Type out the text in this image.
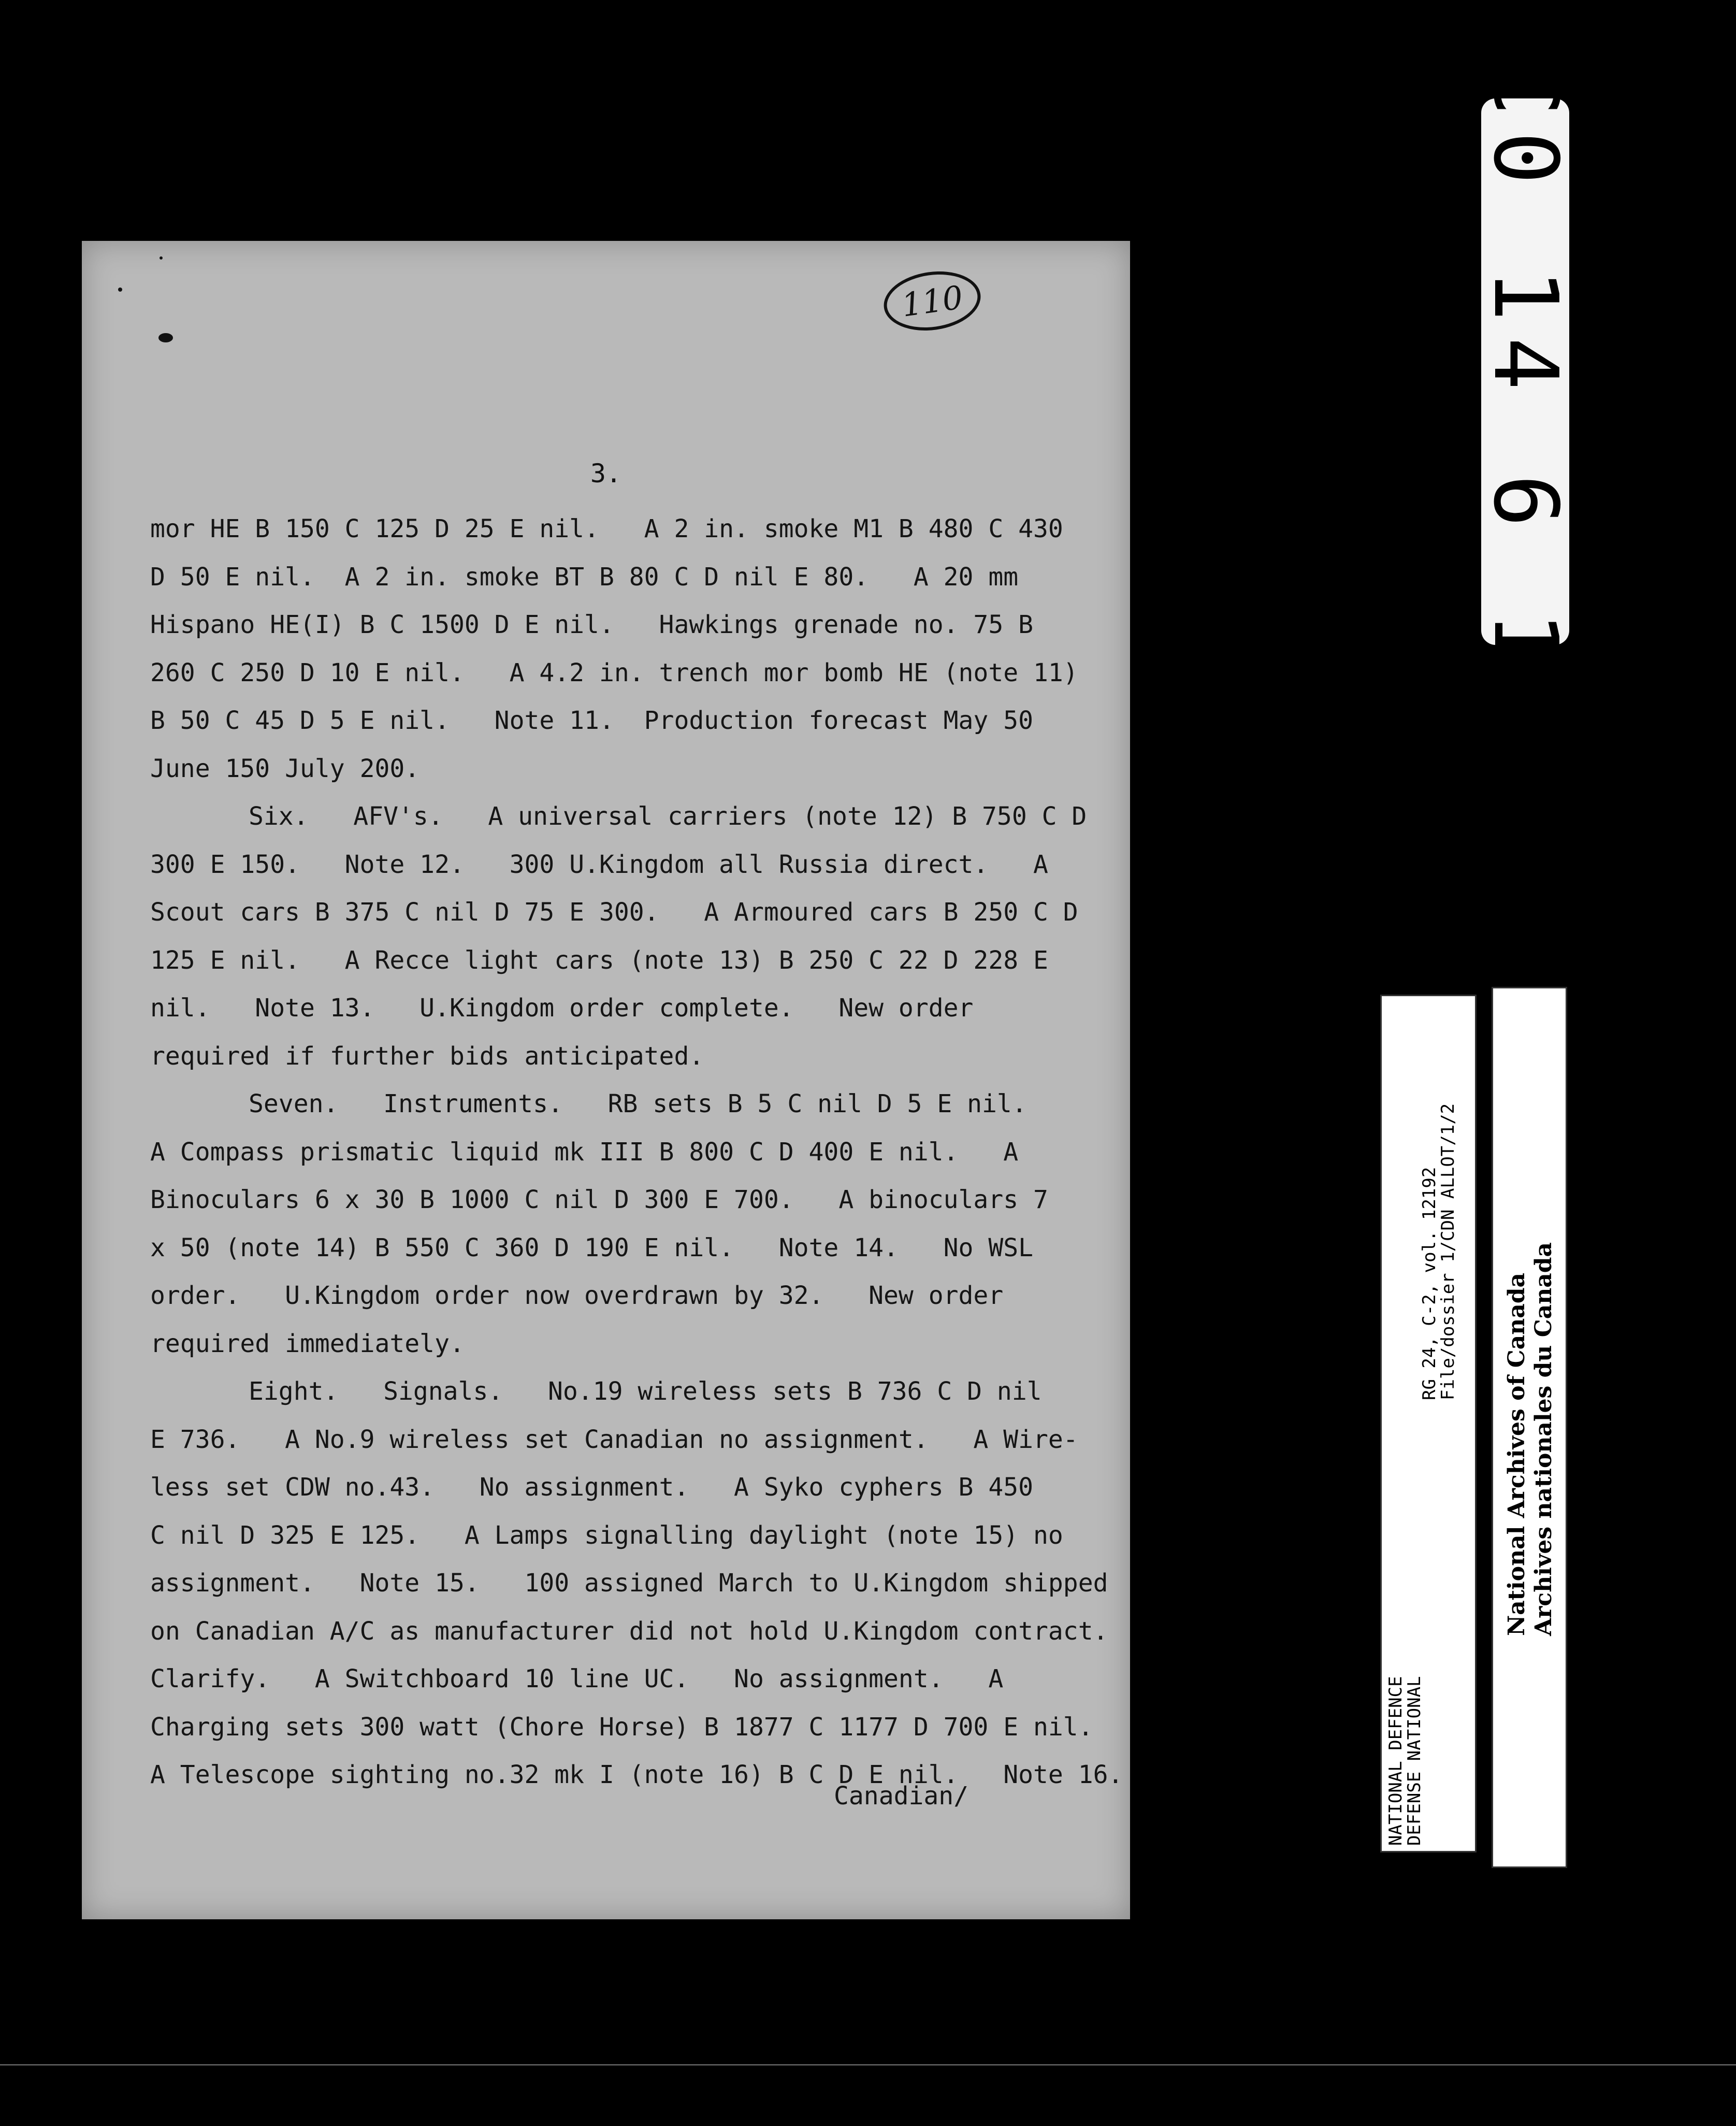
110
3.
mor HE B 150 C 125 D 25 E nil.   A 2 in. smoke M1 B 480 C 430
D 50 E nil.  A 2 in. smoke BT B 80 C D nil E 80.   A 20 mm
Hispano HE(I) B C 1500 D E nil.   Hawkings grenade no. 75 B
260 C 250 D 10 E nil.   A 4.2 in. trench mor bomb HE (note 11)
B 50 C 45 D 5 E nil.   Note 11.  Production forecast May 50
June 150 July 200.
Six.   AFV's.   A universal carriers (note 12) B 750 C D
300 E 150.   Note 12.   300 U.Kingdom all Russia direct.   A
Scout cars B 375 C nil D 75 E 300.   A Armoured cars B 250 C D
125 E nil.   A Recce light cars (note 13) B 250 C 22 D 228 E
nil.   Note 13.   U.Kingdom order complete.   New order
required if further bids anticipated.
Seven.   Instruments.   RB sets B 5 C nil D 5 E nil.
A Compass prismatic liquid mk III B 800 C D 400 E nil.   A
Binoculars 6 x 30 B 1000 C nil D 300 E 700.   A binoculars 7
x 50 (note 14) B 550 C 360 D 190 E nil.   Note 14.   No WSL
order.   U.Kingdom order now overdrawn by 32.   New order
required immediately.
Eight.   Signals.   No.19 wireless sets B 736 C D nil
E 736.   A No.9 wireless set Canadian no assignment.   A Wire-
less set CDW no.43.   No assignment.   A Syko cyphers B 450
C nil D 325 E 125.   A Lamps signalling daylight (note 15) no
assignment.   Note 15.   100 assigned March to U.Kingdom shipped
on Canadian A/C as manufacturer did not hold U.Kingdom contract.
Clarify.   A Switchboard 10 line UC.   No assignment.   A
Charging sets 300 watt (Chore Horse) B 1877 C 1177 D 700 E nil.
A Telescope sighting no.32 mk I (note 16) B C D E nil.   Note 16.
Canadian/
C0 14 6 1
RG 24, C-2, vol. 12192
File/dossier 1/CDN ALLOT/1/2
NATIONAL DEFENCE
DEFENSE NATIONAL
National Archives of Canada Archives nationales du Canada
